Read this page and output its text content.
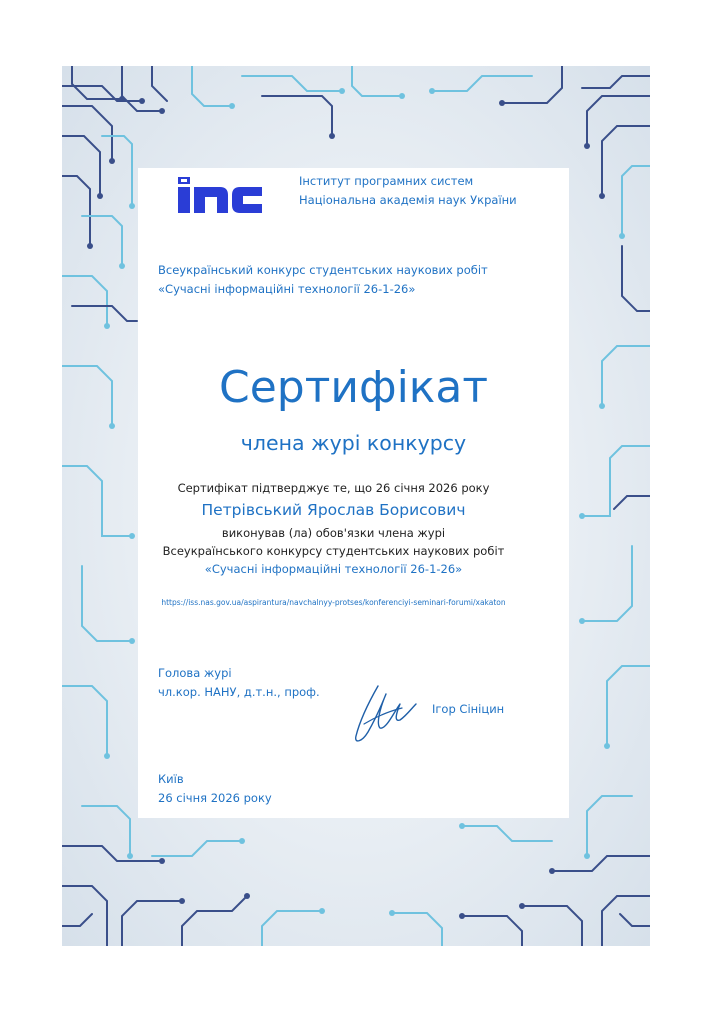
Інститут програмних систем
Національна академія наук України
Всеукраїнський конкурс студентських наукових робіт
«Сучасні інформаційні технології 26-1-26»
Сертифікат
члена журі конкурсу
Сертифікат підтверджує те, що 26 січня 2026 року
Петрівський Ярослав Борисович
виконував (ла) обов'язки члена журі
Всеукраїнського конкурсу студентських наукових робіт
«Сучасні інформаційні технології 26-1-26»
https://iss.nas.gov.ua/aspirantura/navchalnyy-protses/konferenciyi-seminari-forumi/xakaton
Голова журі
чл.кор. НАНУ, д.т.н., проф.
Ігор Сініцин
Київ
26 січня 2026 року
